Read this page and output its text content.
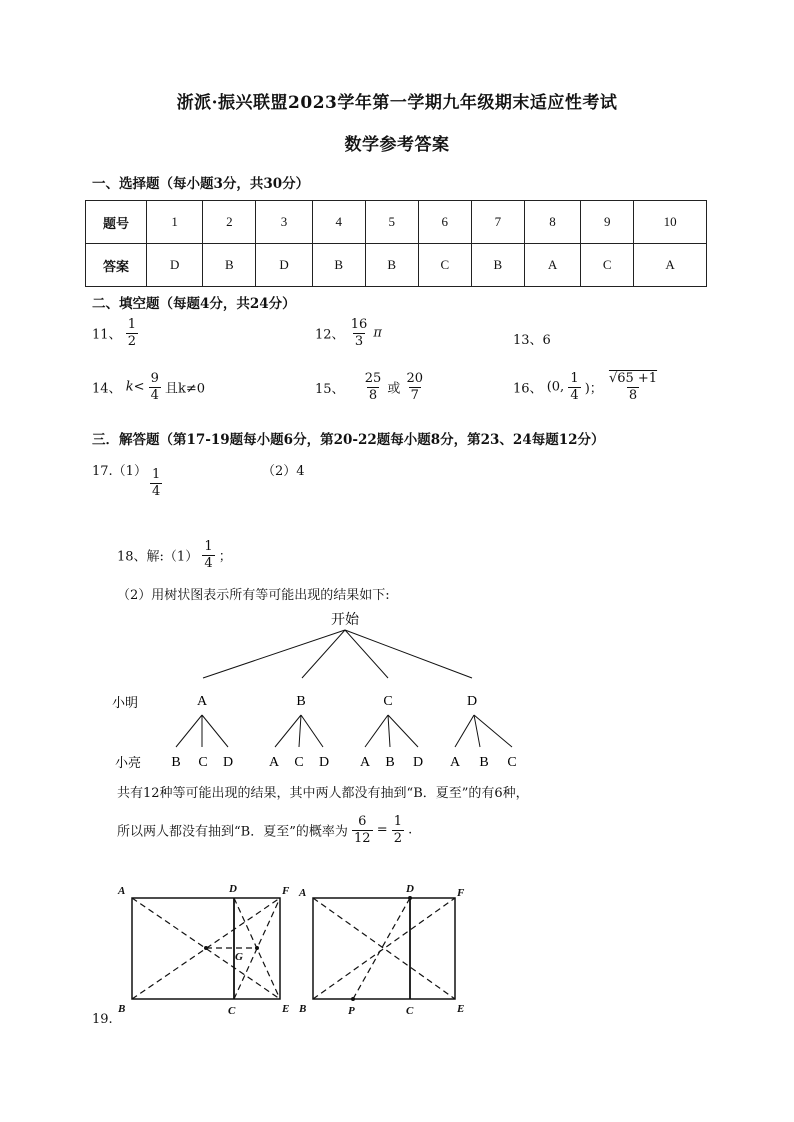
浙派·振兴联盟2023学年第一学期九年级期末适应性考试
数学参考答案
一、选择题（每小题3分，共30分）
题号	1	2	3	4	5	6	7	8	9	10
答案	D	B	D	B	B	C	B	A	C	A
二、填空题（每题4分，共24分）
11、 $\frac{1}{2}$	12、 $\frac{16}{3}$ π	13、6
14、 $k< \frac{9}{4}$ 且k≠0	15、 $\frac{25}{8}$ 或 $\frac{20}{7}$	16、 (0, $\frac{1}{4}$ )； $\frac{√65 +1}{8}$
三．解答题（第17-19题每小题6分，第20-22题每小题8分，第23、24每题12分）
$17.(1) \frac{1}{4}$	（2）4
18、解:（1） $\frac{1}{4}$ ；
（2）用树状图表示所有等可能出现的结果如下:
开始
小明
小亮
A	B	C	D
B C D	A C D A B D A B C
共有12种等可能出现的结果，其中两人都没有抽到“B．夏至”的有6种，
所以两人都没有抽到“B．夏至”的概率为 $\frac{6}{12} = \frac{1}{2}$ .
19.
A	D	F
G
B	C	E
A	D	F
B	P	C	E
